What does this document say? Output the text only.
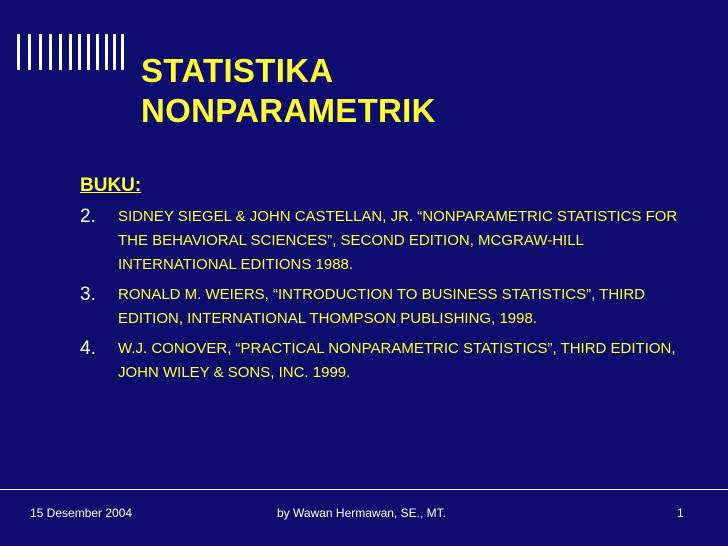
STATISTIKA
NONPARAMETRIK
BUKU:
2. SIDNEY SIEGEL & JOHN CASTELLAN, JR. “NONPARAMETRIC STATISTICS FOR THE BEHAVIORAL SCIENCES”, SECOND EDITION, MCGRAW-HILL INTERNATIONAL EDITIONS 1988.
3. RONALD M. WEIERS, “INTRODUCTION TO BUSINESS STATISTICS”, THIRD EDITION, INTERNATIONAL THOMPSON PUBLISHING, 1998.
4. W.J. CONOVER, “PRACTICAL NONPARAMETRIC STATISTICS”, THIRD EDITION, JOHN WILEY & SONS, INC. 1999.
15 Desember 2004	by Wawan Hermawan, SE., MT.	1
